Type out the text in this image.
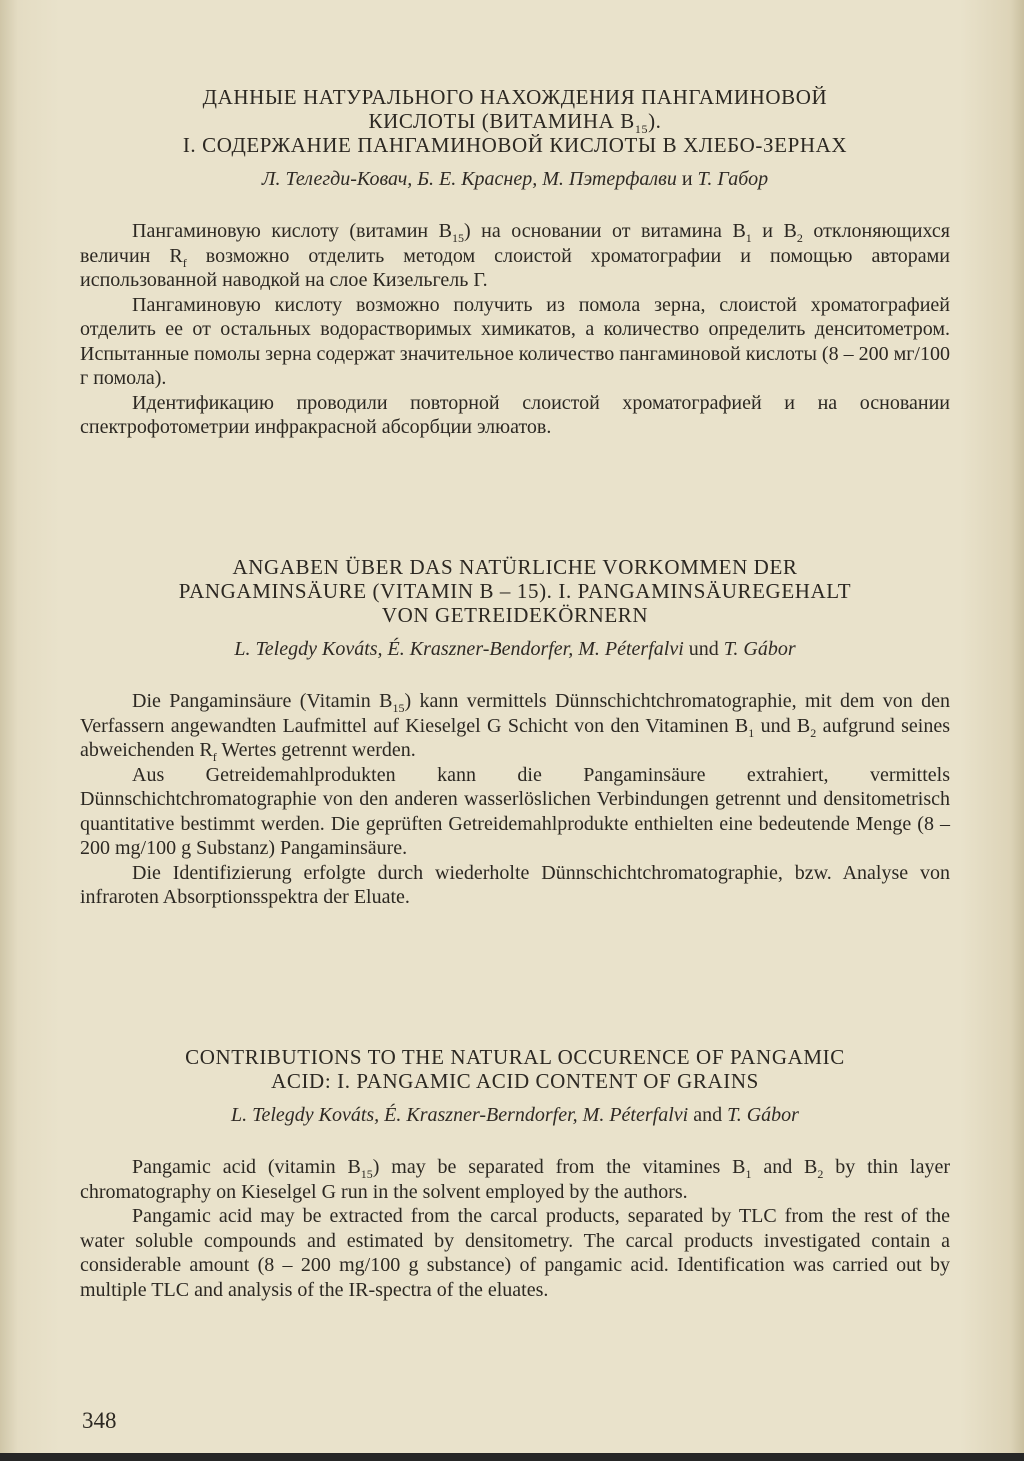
ДАННЫЕ НАТУРАЛЬНОГО НАХОЖДЕНИЯ ПАНГАМИНОВОЙ
КИСЛОТЫ (ВИТАМИНА $B_{15}$).
I. СОДЕРЖАНИЕ ПАНГАМИНОВОЙ КИСЛОТЫ В ХЛЕБО-ЗЕРНАХ
Л. Телегди-Ковач, Б. Е. Краснер, М. Пэтерфалви и Т. Габор

Пангаминовую кислоту (витамин $B_{15}$) на основании от витамина $B_1$ и $B_2$ отклоняющихся величин $R_f$ возможно отделить методом слоистой хроматографии и помощью авторами использованной наводкой на слое Кизельгель Г.

Пангаминовую кислоту возможно получить из помола зерна, слоистой хроматографией отделить ее от остальных водорастворимых химикатов, а количество определить денситометром. Испытанные помолы зерна содержат значительное количество пангаминовой кислоты (8 – 200 мг/100 г помола).

Идентификацию проводили повторной слоистой хроматографией и на основании спектрофотометрии инфракрасной абсорбции элюатов.

ANGABEN ÜBER DAS NATÜRLICHE VORKOMMEN DER
PANGAMINSÄURE (VITAMIN B – 15). I. PANGAMINSÄUREGEHALT
VON GETREIDEKÖRNERN
L. Telegdy Kováts, É. Kraszner-Bendorfer, M. Péterfalvi und T. Gábor

Die Pangaminsäure (Vitamin $B_{15}$) kann vermittels Dünnschichtchromatographie, mit dem von den Verfassern angewandten Laufmittel auf Kieselgel G Schicht von den Vitaminen $B_1$ und $B_2$ aufgrund seines abweichenden $R_f$ Wertes getrennt werden.

Aus Getreidemahlprodukten kann die Pangaminsäure extrahiert, vermittels Dünnschichtchromatographie von den anderen wasserlöslichen Verbindungen getrennt und densitometrisch quantitative bestimmt werden. Die geprüften Getreidemahlprodukte enthielten eine bedeutende Menge (8 – 200 mg/100 g Substanz) Pangaminsäure.

Die Identifizierung erfolgte durch wiederholte Dünnschichtchromatographie, bzw. Analyse von infraroten Absorptionsspektra der Eluate.

CONTRIBUTIONS TO THE NATURAL OCCURENCE OF PANGAMIC
ACID: I. PANGAMIC ACID CONTENT OF GRAINS
L. Telegdy Kováts, É. Kraszner-Berndorfer, M. Péterfalvi and T. Gábor

Pangamic acid (vitamin $B_{15}$) may be separated from the vitamines $B_1$ and $B_2$ by thin layer chromatography on Kieselgel G run in the solvent employed by the authors.

Pangamic acid may be extracted from the carcal products, separated by TLC from the rest of the water soluble compounds and estimated by densitometry. The carcal products investigated contain a considerable amount (8 – 200 mg/100 g substance) of pangamic acid. Identification was carried out by multiple TLC and analysis of the IR-spectra of the eluates.

348
